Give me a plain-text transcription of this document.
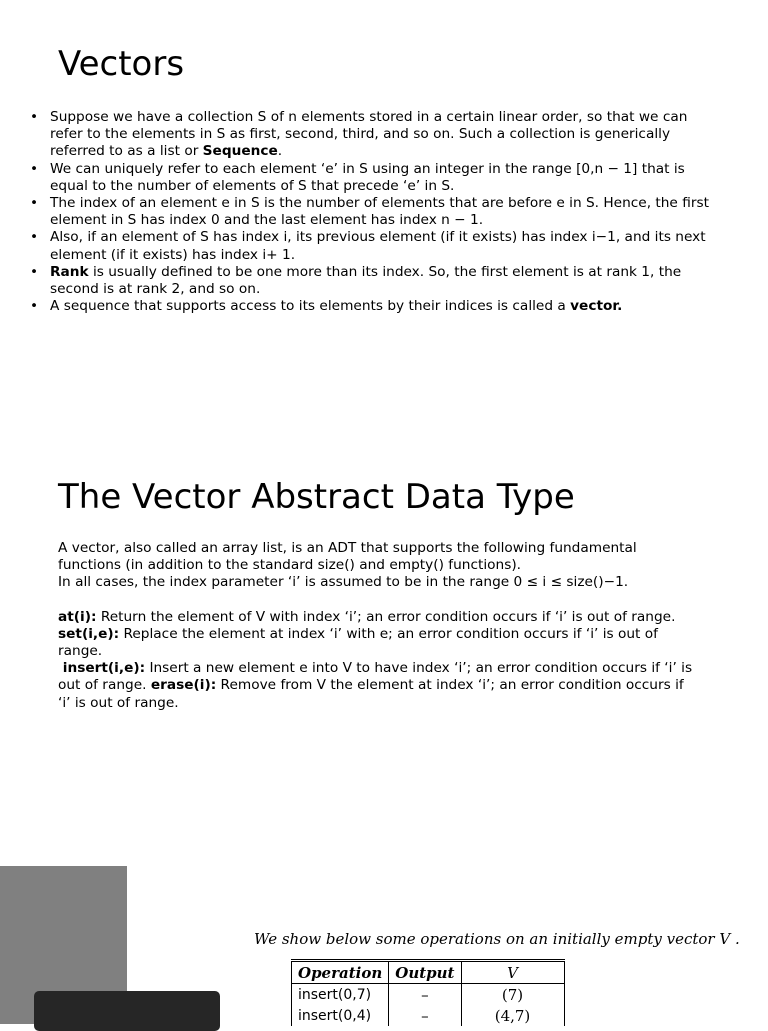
Vectors
• Suppose we have a collection S of n elements stored in a certain linear order, so that we can refer to the elements in S as first, second, third, and so on. Such a collection is generically referred to as a list or Sequence.
• We can uniquely refer to each element ‘e’ in S using an integer in the range [0,n − 1] that is equal to the number of elements of S that precede ‘e’ in S.
• The index of an element e in S is the number of elements that are before e in S. Hence, the first element in S has index 0 and the last element has index n − 1.
• Also, if an element of S has index i, its previous element (if it exists) has index i−1, and its next element (if it exists) has index i+ 1.
• Rank is usually defined to be one more than its index. So, the first element is at rank 1, the second is at rank 2, and so on.
• A sequence that supports access to its elements by their indices is called a vector.
The Vector Abstract Data Type

A vector, also called an array list, is an ADT that supports the following fundamental functions (in addition to the standard size() and empty() functions).

In all cases, the index parameter ‘i’ is assumed to be in the range 0 ≤ i ≤ size()−1.

at(i): Return the element of V with index ‘i’; an error condition occurs if ‘i’ is out of range.

set(i,e): Replace the element at index ‘i’ with e; an error condition occurs if ‘i’ is out of range.

insert(i,e): Insert a new element e into V to have index ‘i’; an error condition occurs if ‘i’ is out of range. erase(i): Remove from V the element at index ‘i’; an error condition occurs if ‘i’ is out of range.

We show below some operations on an initially empty vector V .
Operation	Output	V
insert(0,7)	–	(7)
insert(0,4)	–	(4,7)
